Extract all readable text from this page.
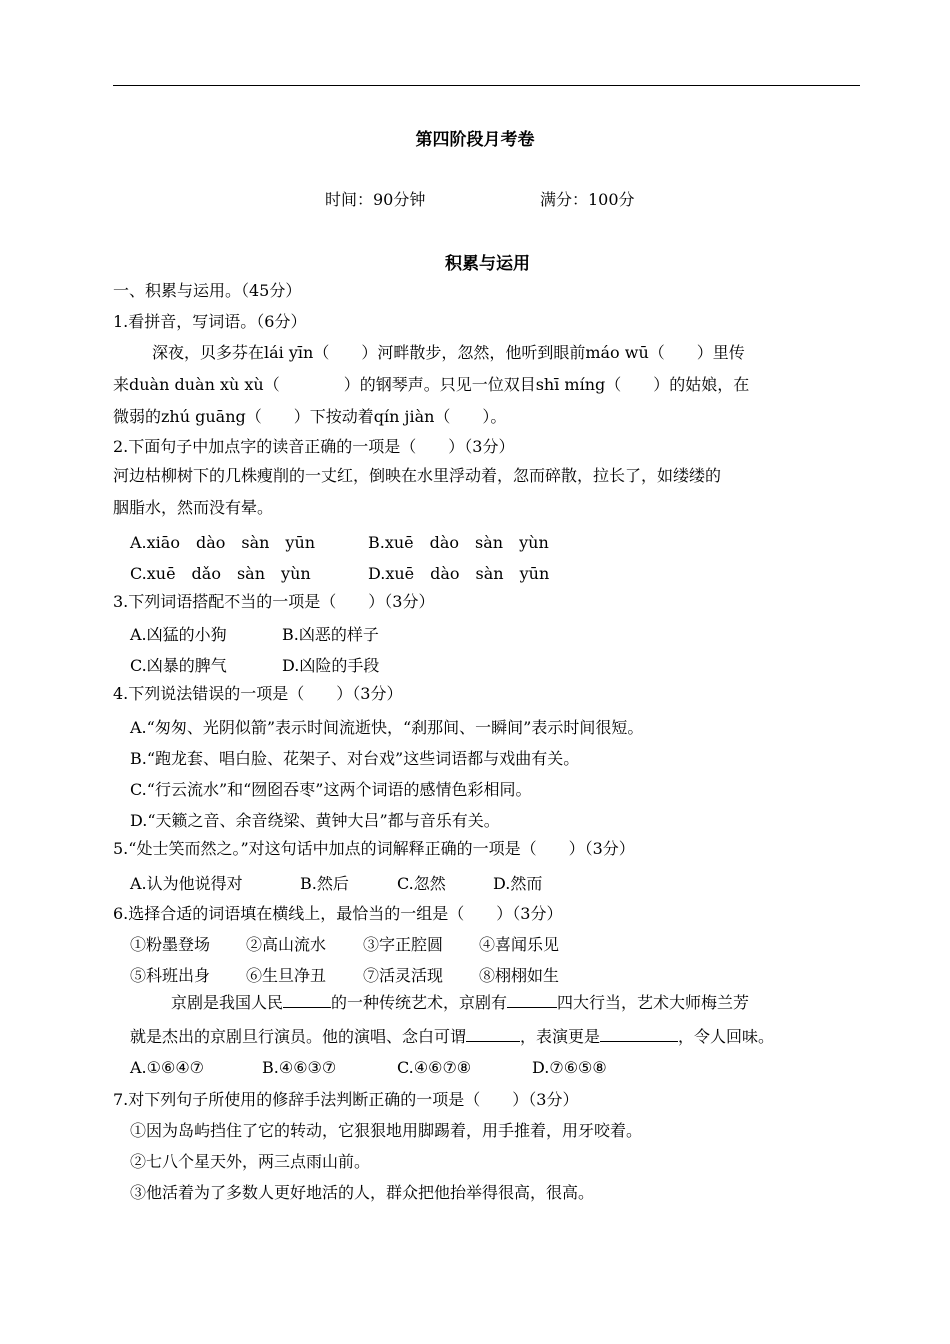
第四阶段月考卷
时间：90分钟	满分：100分
积累与运用
一、积累与运用。（45分）
1.看拼音，写词语。（6分）
深夜，贝多芬在lái yīn（　　）河畔散步，忽然，他听到眼前máo wū（　　）里传
来duàn duàn xù xù（　　　　）的钢琴声。只见一位双目shī míng（　　）的姑娘，在
微弱的zhú guāng（　　）下按动着qín jiàn（　　）。
2.下面句子中加点字的读音正确的一项是（　　）（3分）
河边枯柳树下的几株瘦削的一丈红，倒映在水里浮动着，忽而碎散，拉长了，如缕缕的
胭脂水，然而没有晕。
A.xiāo　dào　sàn　yūn	B.xuē　dào　sàn　yùn
C.xuē　dǎo　sàn　yùn	D.xuē　dào　sàn　yūn
3.下列词语搭配不当的一项是（　　）（3分）
A.凶猛的小狗	B.凶恶的样子
C.凶暴的脾气	D.凶险的手段
4.下列说法错误的一项是（　　）（3分）
A.“匆匆、光阴似箭”表示时间流逝快，“刹那间、一瞬间”表示时间很短。
B.“跑龙套、唱白脸、花架子、对台戏”这些词语都与戏曲有关。
C.“行云流水”和“囫囵吞枣”这两个词语的感情色彩相同。
D.“天籁之音、余音绕梁、黄钟大吕”都与音乐有关。
5.“处士笑而然之。”对这句话中加点的词解释正确的一项是（　　）（3分）
A.认为他说得对	B.然后	C.忽然	D.然而
6.选择合适的词语填在横线上，最恰当的一组是（　　）（3分）
①粉墨登场 ②高山流水 ③字正腔圆 ④喜闻乐见
⑤科班出身 ⑥生旦净丑 ⑦活灵活现 ⑧栩栩如生
京剧是我国人民	的一种传统艺术，京剧有	四大行当，艺术大师梅兰芳
就是杰出的京剧旦行演员。他的演唱、念白可谓	，表演更是	，令人回味。
A.①⑥④⑦	B.④⑥③⑦	C.④⑥⑦⑧	D.⑦⑥⑤⑧
7.对下列句子所使用的修辞手法判断正确的一项是（　　）（3分）
①因为岛屿挡住了它的转动，它狠狠地用脚踢着，用手推着，用牙咬着。
②七八个星天外，两三点雨山前。
③他活着为了多数人更好地活的人，群众把他抬举得很高，很高。
